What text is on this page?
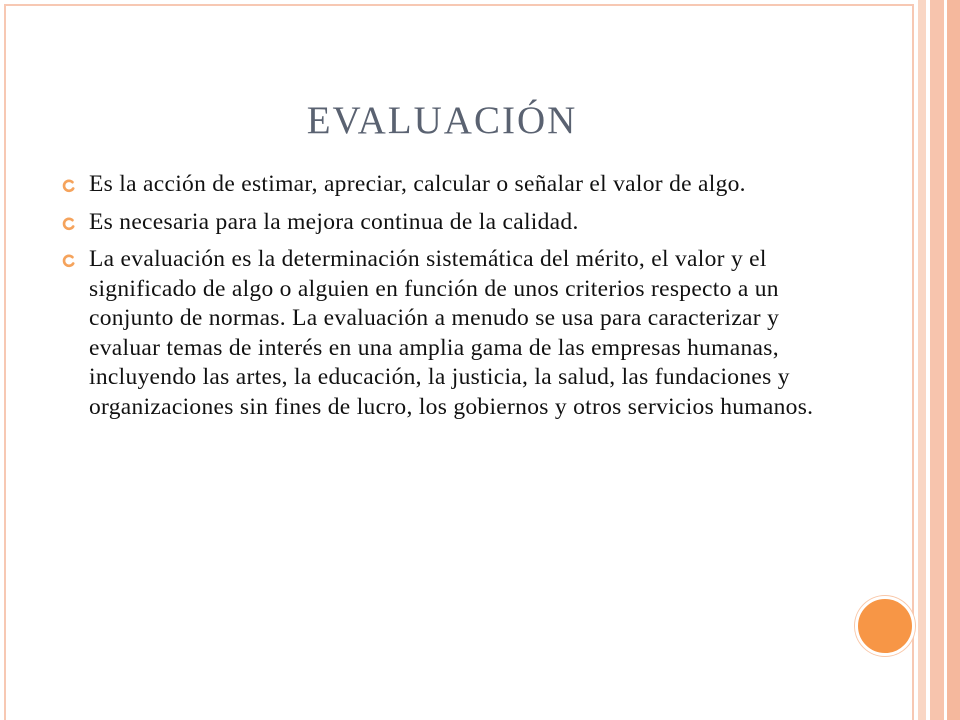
EVALUACIÓN
Es la acción de estimar, apreciar, calcular o señalar el valor de algo.
Es necesaria para la mejora continua de la calidad.
La evaluación es la determinación sistemática del mérito, el valor y el significado de algo o alguien en función de unos criterios respecto a un conjunto de normas. La evaluación a menudo se usa para caracterizar y evaluar temas de interés en una amplia gama de las empresas humanas, incluyendo las artes, la educación, la justicia, la salud, las fundaciones y organizaciones sin fines de lucro, los gobiernos y otros servicios humanos.
